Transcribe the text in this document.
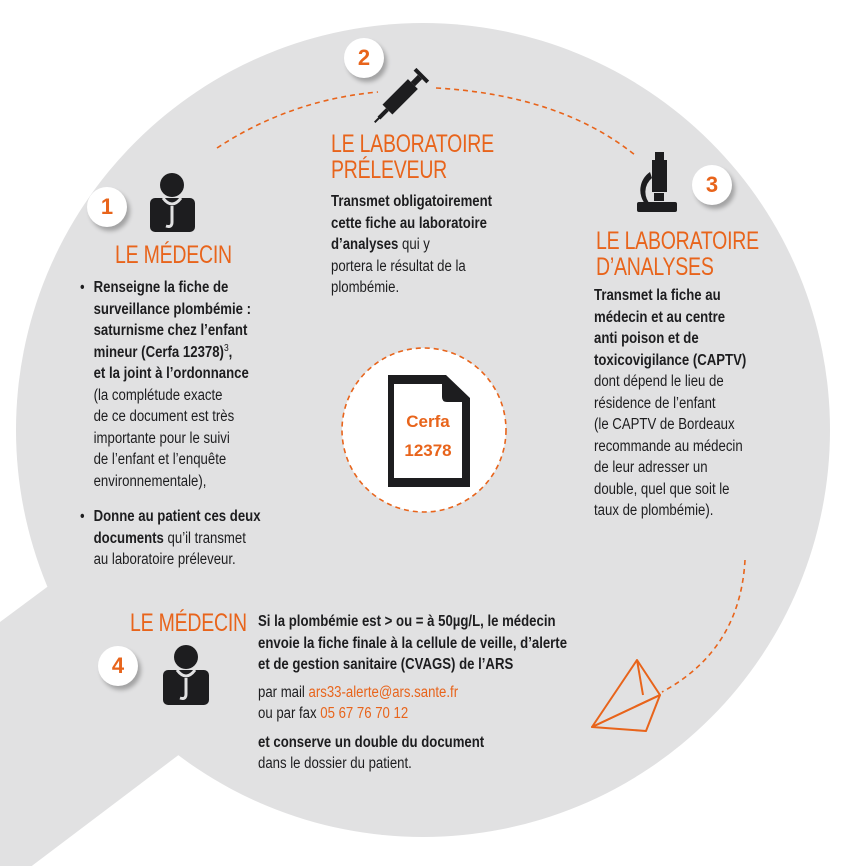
1
LE MÉDECIN
• Renseigne la fiche de
surveillance plombémie :
saturnisme chez l’enfant
mineur (Cerfa 12378)$^3$,
et la joint à l’ordonnance
(la complétude exacte
de ce document est très
importante pour le suivi
de l’enfant et l’enquête
environnementale),
• Donne au patient ces deux
documents qu’il transmet
au laboratoire préleveur.
2
LE LABORATOIRE
PRÉLEVEUR
Transmet obligatoirement
cette fiche au laboratoire
d’analyses qui y
portera le résultat de la
plombémie.
Cerfa
12378
3
LE LABORATOIRE
D’ANALYSES
Transmet la fiche au
médecin et au centre
anti poison et de
toxicovigilance (CAPTV)
dont dépend le lieu de
résidence de l’enfant
(le CAPTV de Bordeaux
recommande au médecin
de leur adresser un
double, quel que soit le
taux de plombémie).
4
LE MÉDECIN Si la plombémie est > ou = à 50µg/L, le médecin
envoie la fiche finale à la cellule de veille, d’alerte
et de gestion sanitaire (CVAGS) de l’ARS
par mail ars33-alerte@ars.sante.fr
ou par fax 05 67 76 70 12
et conserve un double du document
dans le dossier du patient.
